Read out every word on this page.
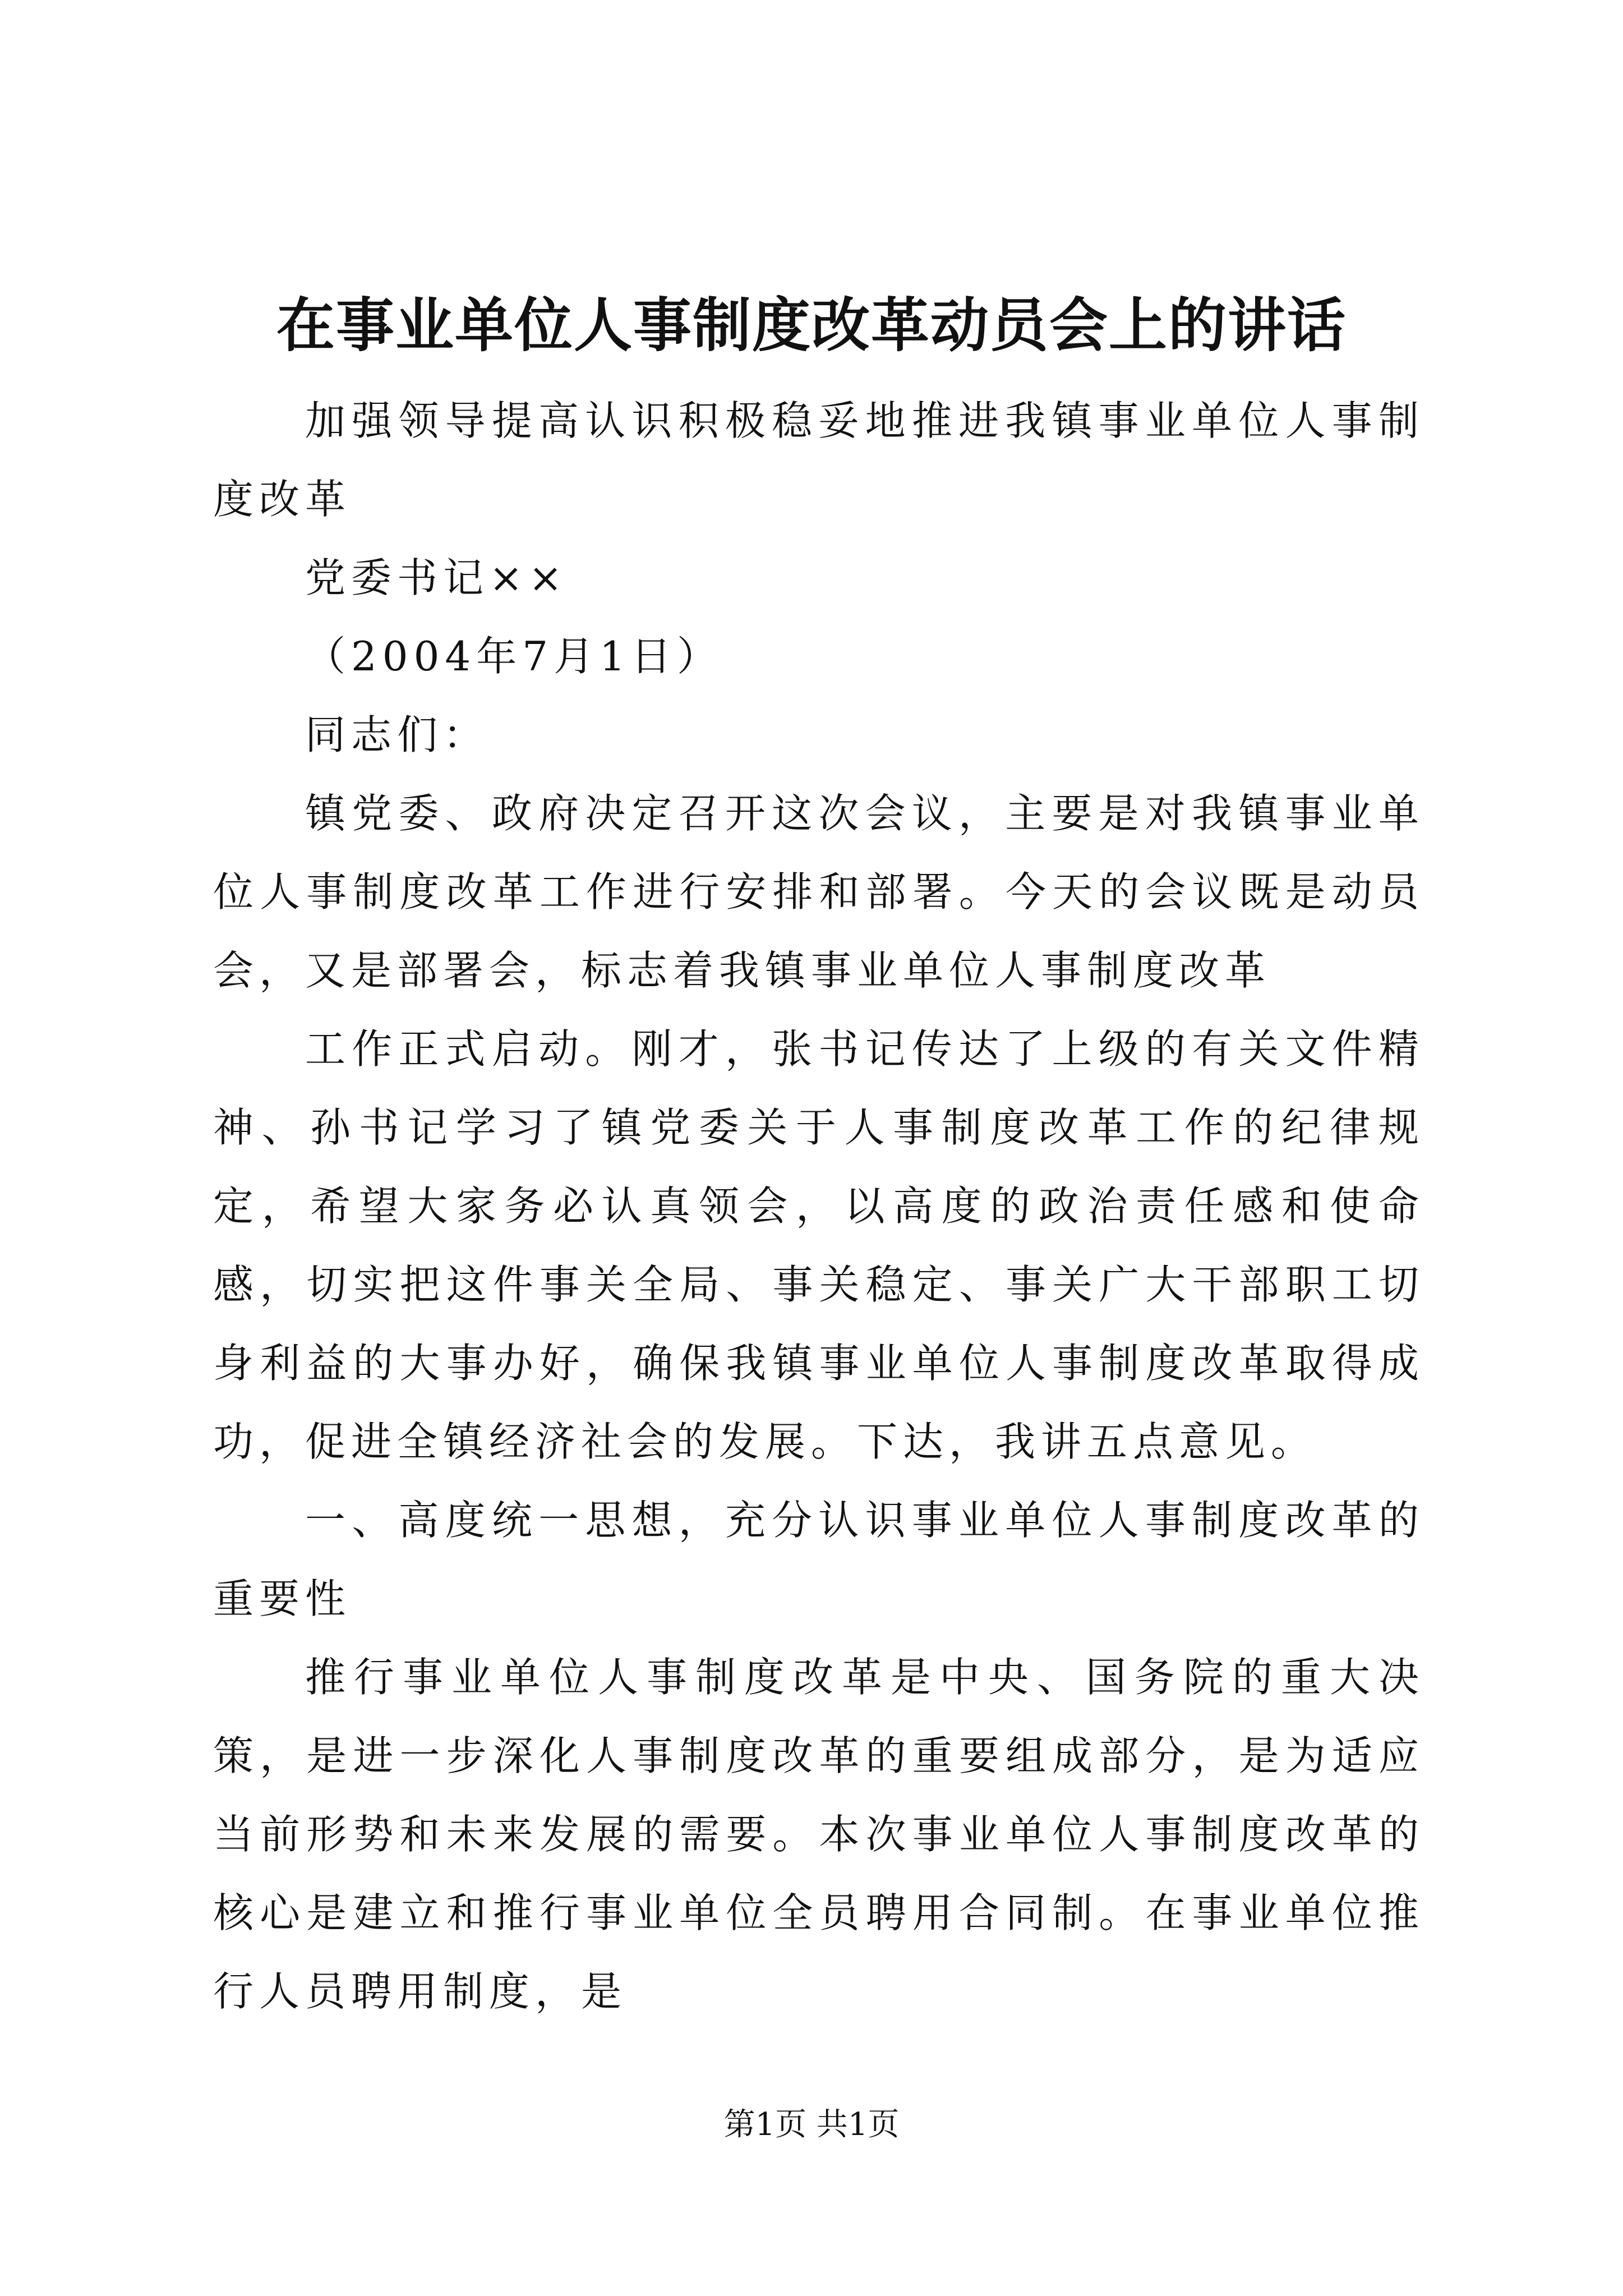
在事业单位人事制度改革动员会上的讲话

加强领导提高认识积极稳妥地推进我镇事业单位人事制度改革

党委书记××

（2004年7月1日）

同志们：

镇党委、政府决定召开这次会议，主要是对我镇事业单位人事制度改革工作进行安排和部署。今天的会议既是动员会，又是部署会，标志着我镇事业单位人事制度改革

工作正式启动。刚才，张书记传达了上级的有关文件精神、孙书记学习了镇党委关于人事制度改革工作的纪律规定，希望大家务必认真领会，以高度的政治责任感和使命感，切实把这件事关全局、事关稳定、事关广大干部职工切身利益的大事办好，确保我镇事业单位人事制度改革取得成功，促进全镇经济社会的发展。下达，我讲五点意见。

一、高度统一思想，充分认识事业单位人事制度改革的重要性

推行事业单位人事制度改革是中央、国务院的重大决策，是进一步深化人事制度改革的重要组成部分，是为适应当前形势和未来发展的需要。本次事业单位人事制度改革的核心是建立和推行事业单位全员聘用合同制。在事业单位推行人员聘用制度，是

第1页 共1页
